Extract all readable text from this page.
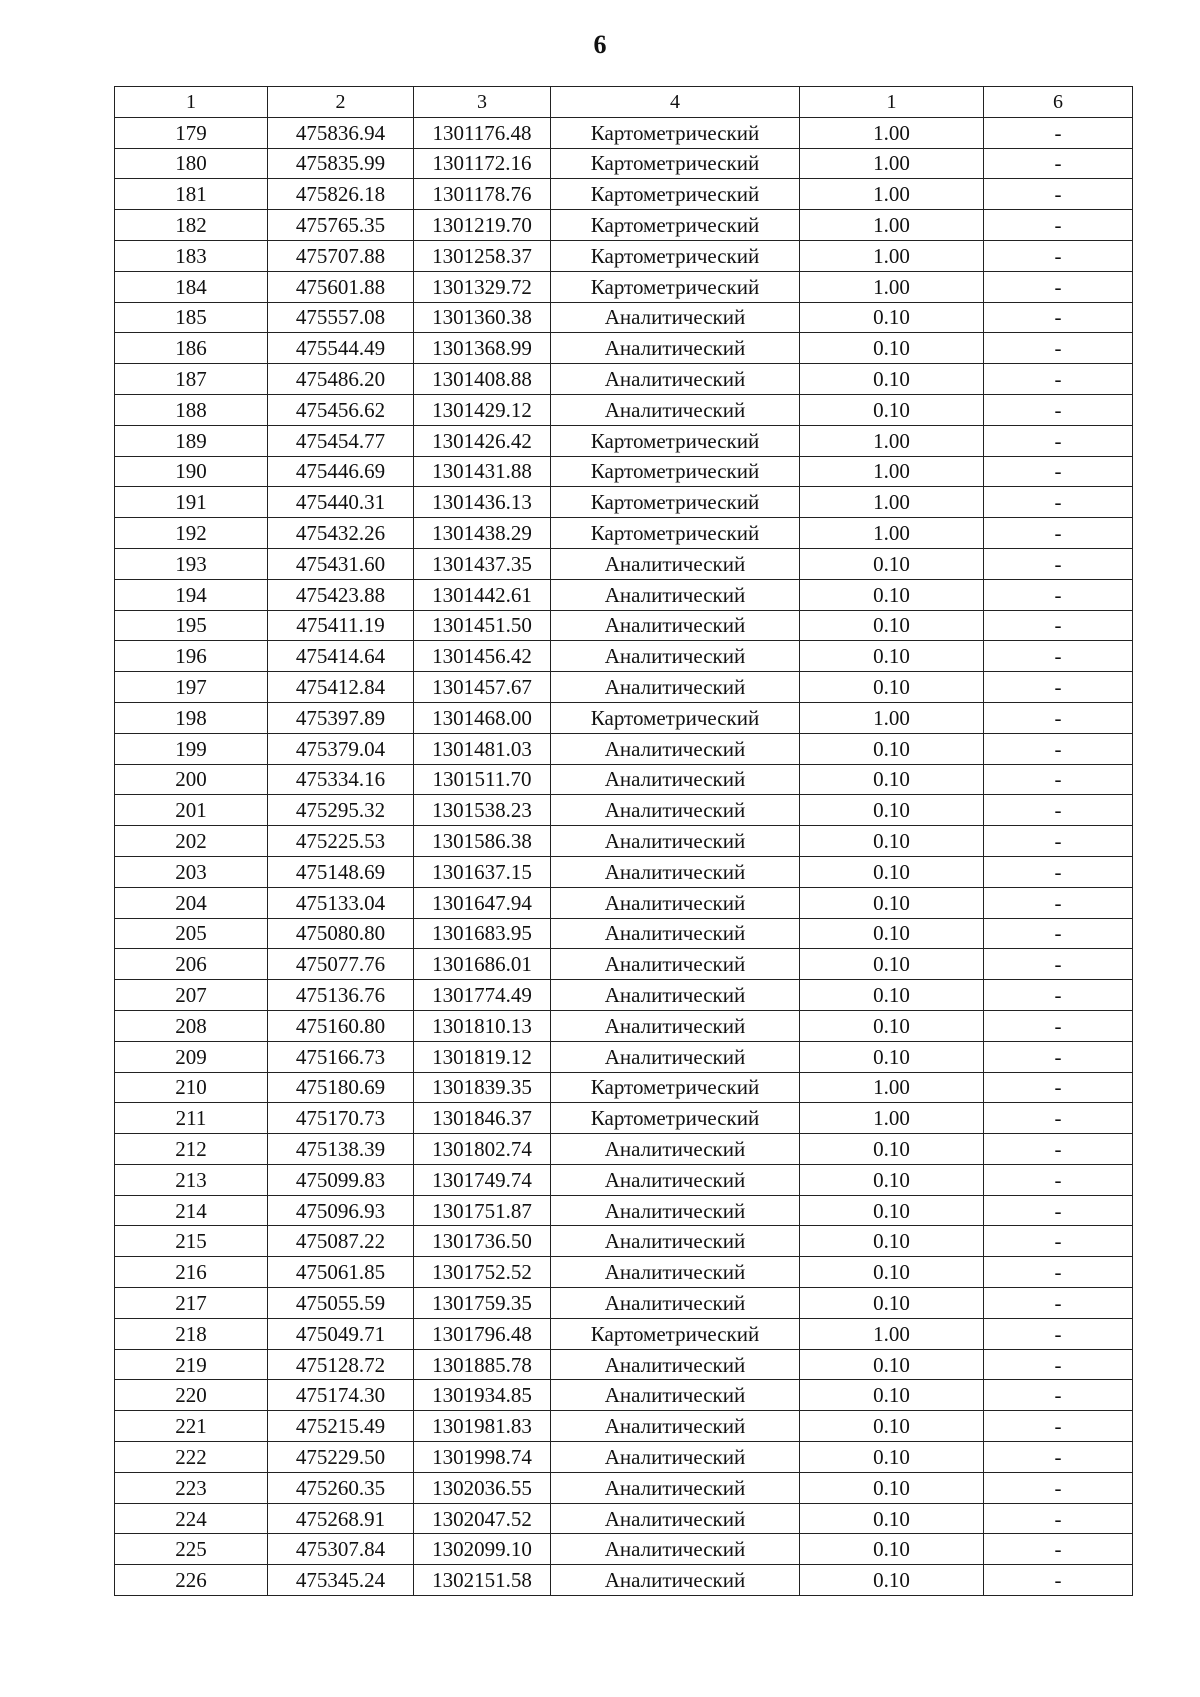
6
1	2	3	4	1	6
179	475836.94	1301176.48	Картометрический	1.00	-
180	475835.99	1301172.16	Картометрический	1.00	-
181	475826.18	1301178.76	Картометрический	1.00	-
182	475765.35	1301219.70	Картометрический	1.00	-
183	475707.88	1301258.37	Картометрический	1.00	-
184	475601.88	1301329.72	Картометрический	1.00	-
185	475557.08	1301360.38	Аналитический	0.10	-
186	475544.49	1301368.99	Аналитический	0.10	-
187	475486.20	1301408.88	Аналитический	0.10	-
188	475456.62	1301429.12	Аналитический	0.10	-
189	475454.77	1301426.42	Картометрический	1.00	-
190	475446.69	1301431.88	Картометрический	1.00	-
191	475440.31	1301436.13	Картометрический	1.00	-
192	475432.26	1301438.29	Картометрический	1.00	-
193	475431.60	1301437.35	Аналитический	0.10	-
194	475423.88	1301442.61	Аналитический	0.10	-
195	475411.19	1301451.50	Аналитический	0.10	-
196	475414.64	1301456.42	Аналитический	0.10	-
197	475412.84	1301457.67	Аналитический	0.10	-
198	475397.89	1301468.00	Картометрический	1.00	-
199	475379.04	1301481.03	Аналитический	0.10	-
200	475334.16	1301511.70	Аналитический	0.10	-
201	475295.32	1301538.23	Аналитический	0.10	-
202	475225.53	1301586.38	Аналитический	0.10	-
203	475148.69	1301637.15	Аналитический	0.10	-
204	475133.04	1301647.94	Аналитический	0.10	-
205	475080.80	1301683.95	Аналитический	0.10	-
206	475077.76	1301686.01	Аналитический	0.10	-
207	475136.76	1301774.49	Аналитический	0.10	-
208	475160.80	1301810.13	Аналитический	0.10	-
209	475166.73	1301819.12	Аналитический	0.10	-
210	475180.69	1301839.35	Картометрический	1.00	-
211	475170.73	1301846.37	Картометрический	1.00	-
212	475138.39	1301802.74	Аналитический	0.10	-
213	475099.83	1301749.74	Аналитический	0.10	-
214	475096.93	1301751.87	Аналитический	0.10	-
215	475087.22	1301736.50	Аналитический	0.10	-
216	475061.85	1301752.52	Аналитический	0.10	-
217	475055.59	1301759.35	Аналитический	0.10	-
218	475049.71	1301796.48	Картометрический	1.00	-
219	475128.72	1301885.78	Аналитический	0.10	-
220	475174.30	1301934.85	Аналитический	0.10	-
221	475215.49	1301981.83	Аналитический	0.10	-
222	475229.50	1301998.74	Аналитический	0.10	-
223	475260.35	1302036.55	Аналитический	0.10	-
224	475268.91	1302047.52	Аналитический	0.10	-
225	475307.84	1302099.10	Аналитический	0.10	-
226	475345.24	1302151.58	Аналитический	0.10	-
